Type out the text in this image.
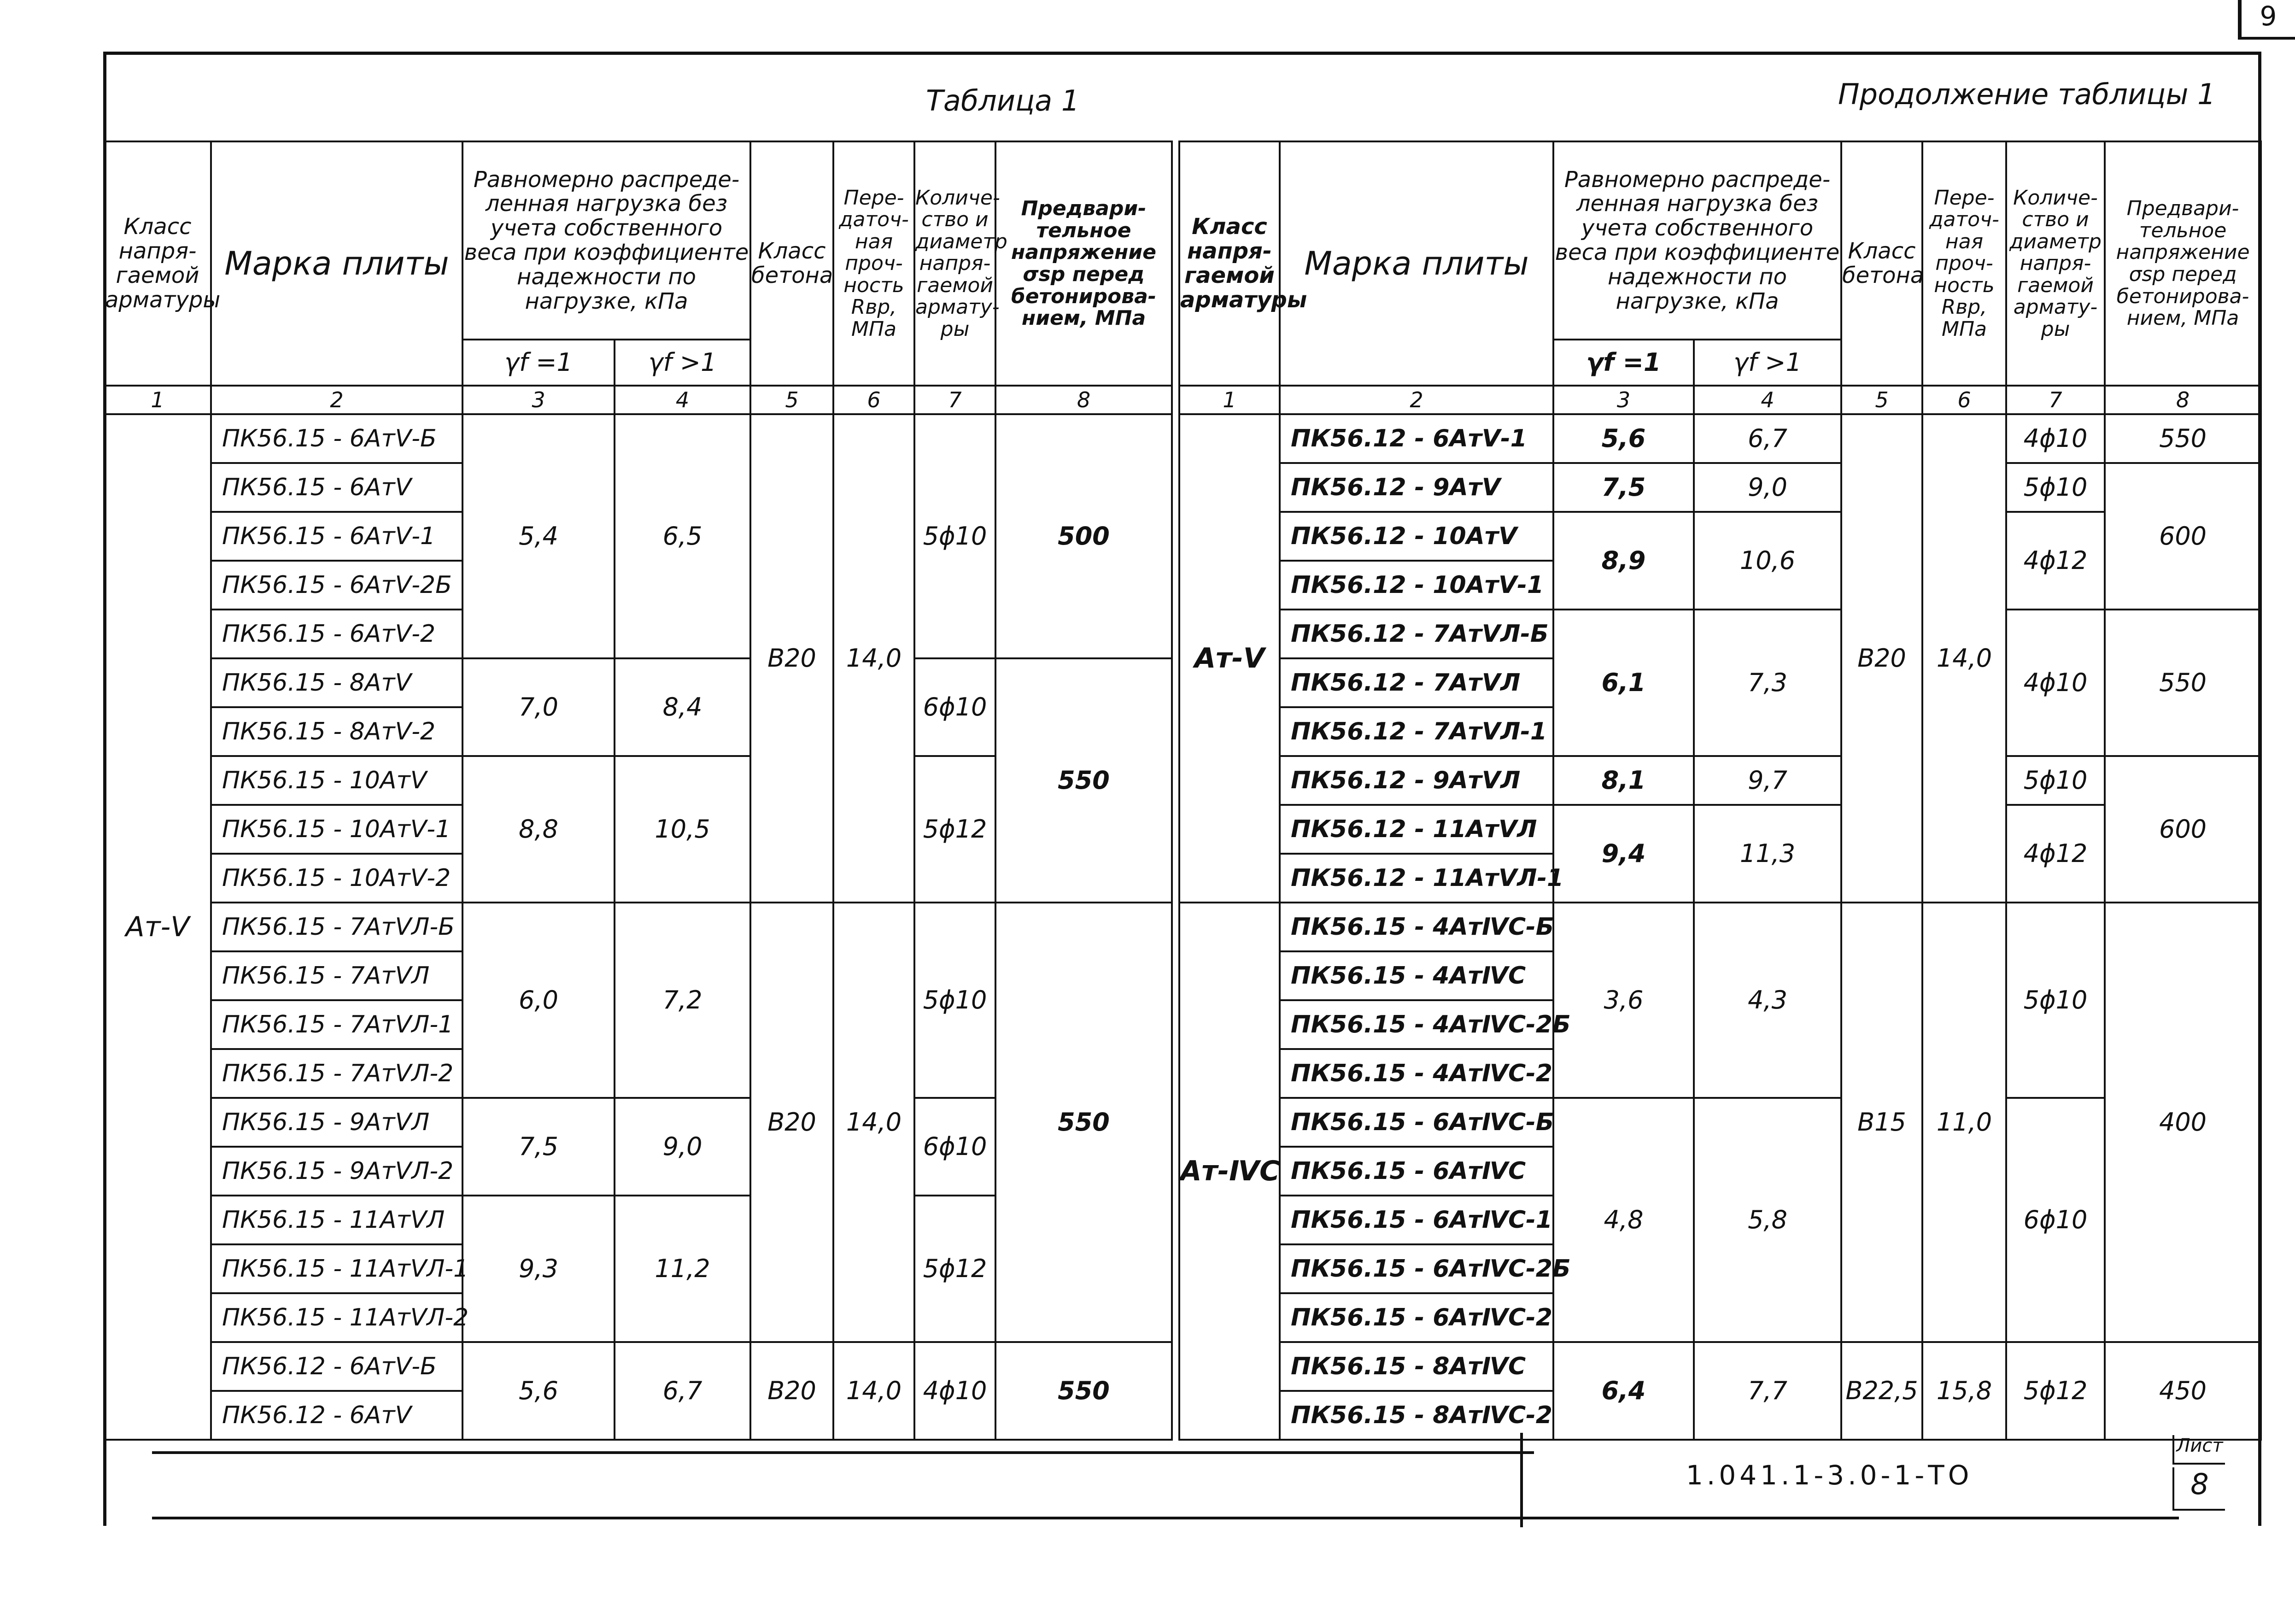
9
Таблица 1	Продолжение таблицы 1
Класс напря-гаемой арматуры	Марка плиты	Равномерно распреде-ленная нагрузка без учета собственного веса при коэффициенте надежности по нагрузке, кПа		Класс бетона	Пере-даточ-ная проч-ность Rвр, МПа	Количе-ство и диаметр напря-гаемой армату-ры	Предвари-тельное напряжение σsp перед бетонирова-нием, МПа
		γf =1	γf >1				
1	2	3	4	5	6	7	8
Ат-Ⅴ	ПК56.15 - 6АтⅤ-Б	5,4	6,5	В20	14,0	5ϕ10	500
	ПК56.15 - 6АтⅤ						
	ПК56.15 - 6АтⅤ-1						
	ПК56.15 - 6АтⅤ-2Б						
	ПК56.15 - 6АтⅤ-2						
	ПК56.15 - 8АтⅤ	7,0	8,4			6ϕ10	550
	ПК56.15 - 8АтⅤ-2						
	ПК56.15 - 10АтⅤ	8,8	10,5			5ϕ12	
	ПК56.15 - 10АтⅤ-1						
	ПК56.15 - 10АтⅤ-2						
	ПК56.15 - 7АтⅤЛ-Б	6,0	7,2	В20	14,0	5ϕ10	550
	ПК56.15 - 7АтⅤЛ						
	ПК56.15 - 7АтⅤЛ-1						
	ПК56.15 - 7АтⅤЛ-2						
	ПК56.15 - 9АтⅤЛ	7,5	9,0			6ϕ10	
	ПК56.15 - 9АтⅤЛ-2						
	ПК56.15 - 11АтⅤЛ	9,3	11,2			5ϕ12	
	ПК56.15 - 11АтⅤЛ-1						
	ПК56.15 - 11АтⅤЛ-2						
	ПК56.12 - 6АтⅤ-Б	5,6	6,7	В20	14,0	4ϕ10	550
	ПК56.12 - 6АтⅤ						
Класс напря-гаемой арматуры	Марка плиты	Равномерно распреде-ленная нагрузка без учета собственного веса при коэффициенте надежности по нагрузке, кПа		Класс бетона	Пере-даточ-ная проч-ность Rвр, МПа	Количе-ство и диаметр напря-гаемой армату-ры	Предвари-тельное напряжение σsp перед бетонирова-нием, МПа
		γf =1	γf >1				
1	2	3	4	5	6	7	8
Ат-Ⅴ	ПК56.12 - 6АтⅤ-1	5,6	6,7	В20	14,0	4ϕ10	550
	ПК56.12 - 9АтⅤ	7,5	9,0			5ϕ10	600
	ПК56.12 - 10АтⅤ	8,9	10,6			4ϕ12	
	ПК56.12 - 10АтⅤ-1						
	ПК56.12 - 7АтⅤЛ-Б	6,1	7,3			4ϕ10	550
	ПК56.12 - 7АтⅤЛ						
	ПК56.12 - 7АтⅤЛ-1						
	ПК56.12 - 9АтⅤЛ	8,1	9,7			5ϕ10	600
	ПК56.12 - 11АтⅤЛ	9,4	11,3			4ϕ12	
	ПК56.12 - 11АтⅤЛ-1						
Ат-ⅣС	ПК56.15 - 4АтⅣС-Б	3,6	4,3	В15	11,0	5ϕ10	400
	ПК56.15 - 4АтⅣС						
	ПК56.15 - 4АтⅣС-2Б						
	ПК56.15 - 4АтⅣС-2						
	ПК56.15 - 6АтⅣС-Б	4,8	5,8			6ϕ10	
	ПК56.15 - 6АтⅣС						
	ПК56.15 - 6АтⅣС-1						
	ПК56.15 - 6АтⅣС-2Б						
	ПК56.15 - 6АтⅣС-2						
	ПК56.15 - 8АтⅣС	6,4	7,7	В22,5	15,8	5ϕ12	450
	ПК56.15 - 8АтⅣС-2						
1.041.1-3.0-1-ТО
Лист
8
